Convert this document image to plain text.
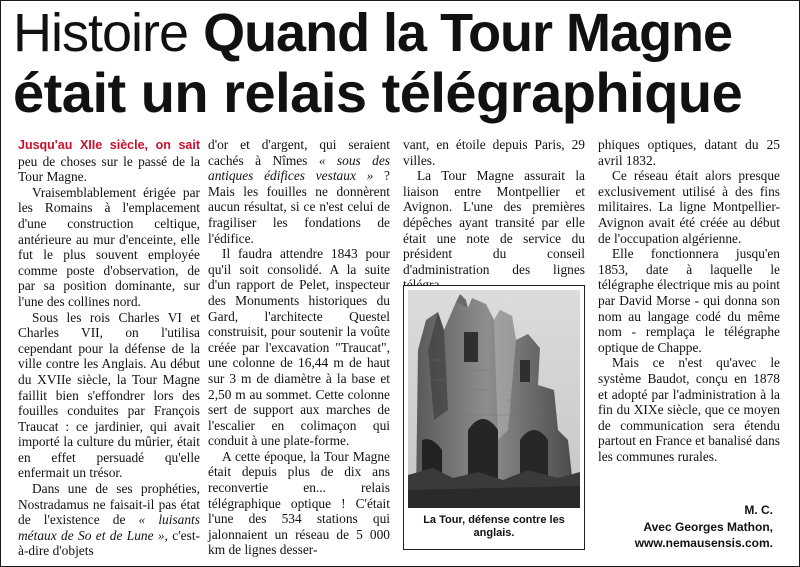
Histoire Quand la Tour Magne
était un relais télégraphique

Jusqu'au XIIe siècle, on sait peu de choses sur le passé de la Tour Magne.

Vraisemblablement érigée par les Romains à l'emplacement d'une construction celtique, antérieure au mur d'enceinte, elle fut le plus souvent employée comme poste d'observation, de par sa position dominante, sur l'une des collines nord.

Sous les rois Charles VI et Charles VII, on l'utilisa cependant pour la défense de la ville contre les Anglais. Au début du XVIIe siècle, la Tour Magne faillit bien s'effondrer lors des fouilles conduites par François Traucat : ce jardinier, qui avait importé la culture du mûrier, était en effet persuadé qu'elle enfermait un trésor.

Dans une de ses prophéties, Nostradamus ne faisait-il pas état de l'existence de « luisants métaux de So et de Lune », c'est-à-dire d'objets

d'or et d'argent, qui seraient cachés à Nîmes « sous des antiques édifices vestaux » ? Mais les fouilles ne donnèrent aucun résultat, si ce n'est celui de fragiliser les fondations de l'édifice.

Il faudra attendre 1843 pour qu'il soit consolidé. A la suite d'un rapport de Pelet, inspecteur des Monuments historiques du Gard, l'architecte Questel construisit, pour soutenir la voûte créée par l'excavation "Traucat", une colonne de 16,44 m de haut sur 3 m de diamètre à la base et 2,50 m au sommet. Cette colonne sert de support aux marches de l'escalier en colimaçon qui conduit à une plate-forme.

A cette époque, la Tour Magne était depuis plus de dix ans reconvertie en... relais télégraphique optique ! C'était l'une des 534 stations qui jalonnaient un réseau de 5 000 km de lignes desser-

vant, en étoile depuis Paris, 29 villes.

La Tour Magne assurait la liaison entre Montpellier et Avignon. L'une des premières dépêches ayant transité par elle était une note de service du président du conseil d'administration des lignes

La Tour, défense contre les anglais.

phiques optiques, datant du 25 avril 1832.

Ce réseau était alors presque exclusivement utilisé à des fins militaires. La ligne Montpellier-Avignon avait été créée au début de l'occupation algérienne.

Elle fonctionnera jusqu'en 1853, date à laquelle le télégraphe électrique mis au point par David Morse - qui donna son nom au langage codé du même nom - remplaça le télégraphe optique de Chappe.

Mais ce n'est qu'avec le système Baudot, conçu en 1878 et adopté par l'administration à la fin du XIXe siècle, que ce moyen de communication sera étendu partout en France et banalisé dans les communes rurales.

M. C.
Avec Georges Mathon,
www.nemausensis.com.
